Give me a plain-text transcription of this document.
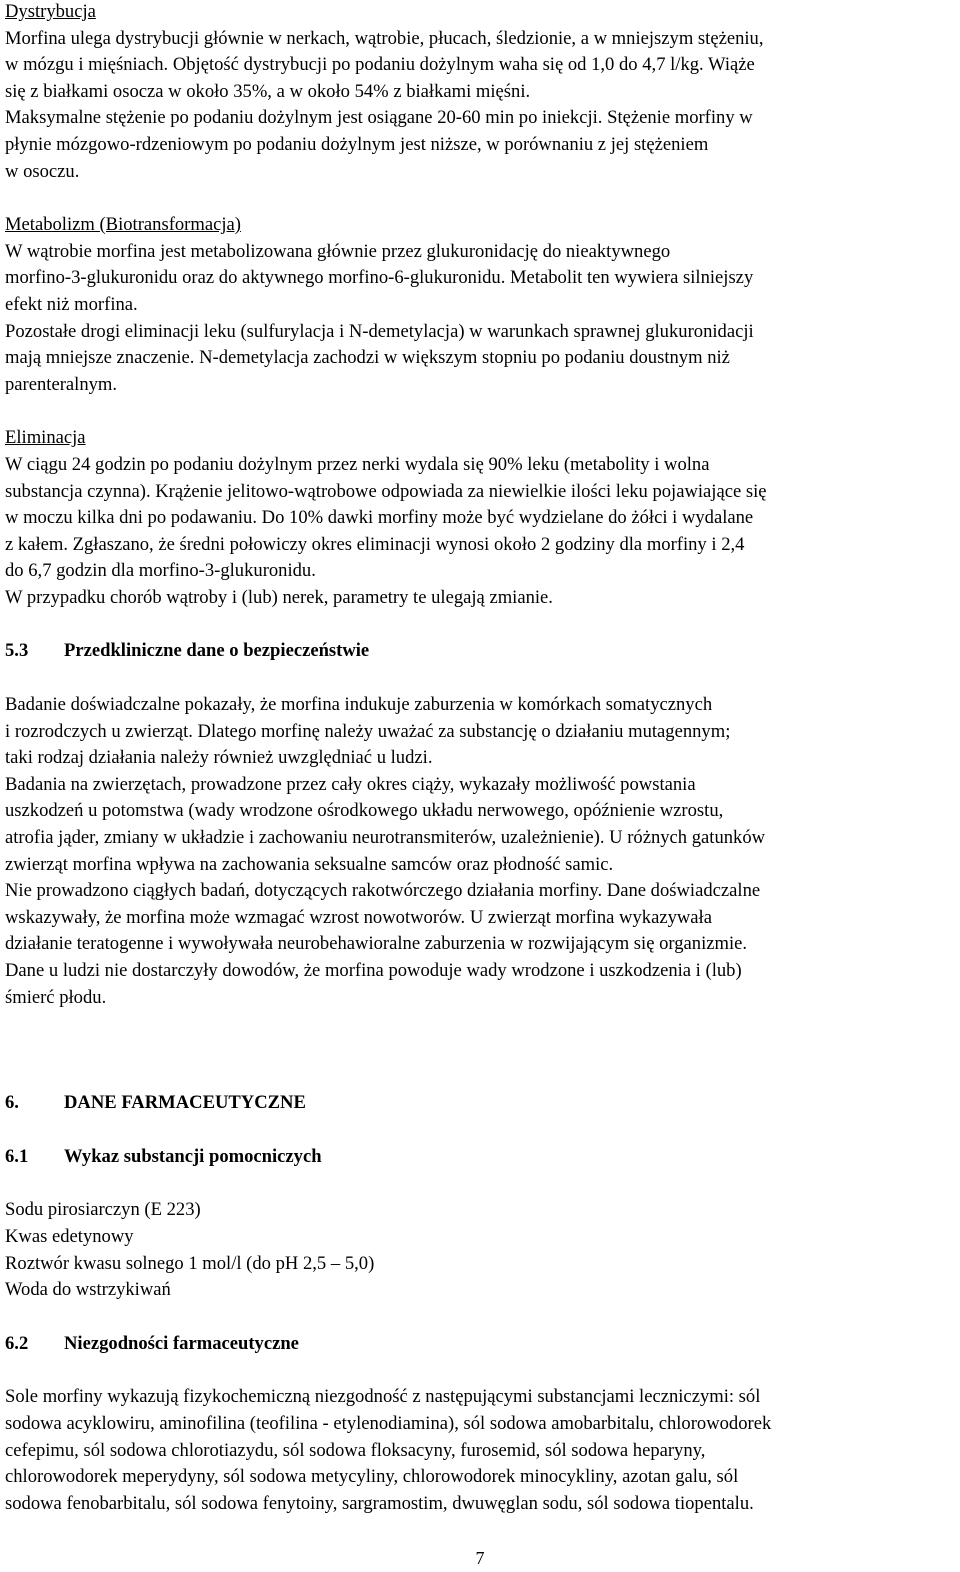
Dystrybucja

Morfina ulega dystrybucji głównie w nerkach, wątrobie, płucach, śledzionie, a w mniejszym stężeniu,

w mózgu i mięśniach. Objętość dystrybucji po podaniu dożylnym waha się od 1,0 do 4,7 l/kg. Wiąże

się z białkami osocza w około 35%, a w około 54% z białkami mięśni.

Maksymalne stężenie po podaniu dożylnym jest osiągane 20-60 min po iniekcji. Stężenie morfiny w

płynie mózgowo-rdzeniowym po podaniu dożylnym jest niższe, w porównaniu z jej stężeniem

w osoczu.

Metabolizm (Biotransformacja)

W wątrobie morfina jest metabolizowana głównie przez glukuronidację do nieaktywnego

morfino-3-glukuronidu oraz do aktywnego morfino-6-glukuronidu. Metabolit ten wywiera silniejszy

efekt niż morfina.

Pozostałe drogi eliminacji leku (sulfurylacja i N-demetylacja) w warunkach sprawnej glukuronidacji

mają mniejsze znaczenie. N-demetylacja zachodzi w większym stopniu po podaniu doustnym niż

parenteralnym.

Eliminacja

W ciągu 24 godzin po podaniu dożylnym przez nerki wydala się 90% leku (metabolity i wolna

substancja czynna). Krążenie jelitowo-wątrobowe odpowiada za niewielkie ilości leku pojawiające się

w moczu kilka dni po podawaniu. Do 10% dawki morfiny może być wydzielane do żółci i wydalane

z kałem. Zgłaszano, że średni połowiczy okres eliminacji wynosi około 2 godziny dla morfiny i 2,4

do 6,7 godzin dla morfino-3-glukuronidu.

W przypadku chorób wątroby i (lub) nerek, parametry te ulegają zmianie.

5.3	Przedkliniczne dane o bezpieczeństwie

Badanie doświadczalne pokazały, że morfina indukuje zaburzenia w komórkach somatycznych

i rozrodczych u zwierząt. Dlatego morfinę należy uważać za substancję o działaniu mutagennym;

taki rodzaj działania należy również uwzględniać u ludzi.

Badania na zwierzętach, prowadzone przez cały okres ciąży, wykazały możliwość powstania

uszkodzeń u potomstwa (wady wrodzone ośrodkowego układu nerwowego, opóźnienie wzrostu,

atrofia jąder, zmiany w układzie i zachowaniu neurotransmiterów, uzależnienie). U różnych gatunków

zwierząt morfina wpływa na zachowania seksualne samców oraz płodność samic.

Nie prowadzono ciągłych badań, dotyczących rakotwórczego działania morfiny. Dane doświadczalne

wskazywały, że morfina może wzmagać wzrost nowotworów. U zwierząt morfina wykazywała

działanie teratogenne i wywoływała neurobehawioralne zaburzenia w rozwijającym się organizmie.

Dane u ludzi nie dostarczyły dowodów, że morfina powoduje wady wrodzone i uszkodzenia i (lub)

śmierć płodu.

6.	DANE FARMACEUTYCZNE
6.1	Wykaz substancji pomocniczych

Sodu pirosiarczyn (E 223)

Kwas edetynowy

Roztwór kwasu solnego 1 mol/l (do pH 2,5 – 5,0)

Woda do wstrzykiwań

6.2	Niezgodności farmaceutyczne

Sole morfiny wykazują fizykochemiczną niezgodność z następującymi substancjami leczniczymi: sól

sodowa acyklowiru, aminofilina (teofilina - etylenodiamina), sól sodowa amobarbitalu, chlorowodorek

cefepimu, sól sodowa chlorotiazydu, sól sodowa floksacyny, furosemid, sól sodowa heparyny,

chlorowodorek meperydyny, sól sodowa metycyliny, chlorowodorek minocykliny, azotan galu, sól

sodowa fenobarbitalu, sól sodowa fenytoiny, sargramostim, dwuwęglan sodu, sól sodowa tiopentalu.

7
